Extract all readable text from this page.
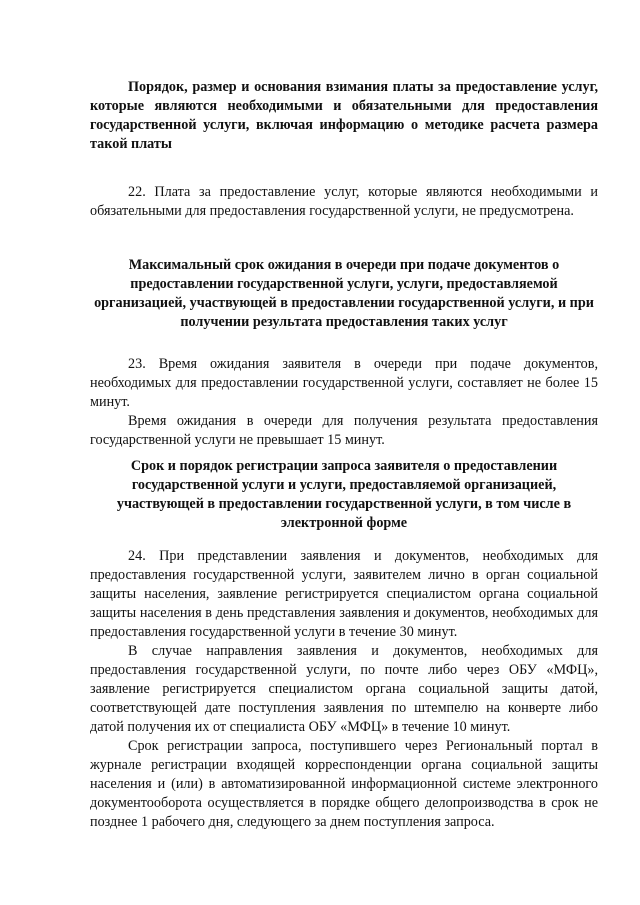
Порядок, размер и основания взимания платы за предоставление услуг, которые являются необходимыми и обязательными для предоставления государственной услуги, включая информацию о методике расчета размера такой платы

22. Плата за предоставление услуг, которые являются необходимыми и обязательными для предоставления государственной услуги, не предусмотрена.

Максимальный срок ожидания в очереди при подаче документов о предоставлении государственной услуги, услуги, предоставляемой организацией, участвующей в предоставлении государственной услуги, и при получении результата предоставления таких услуг

23. Время ожидания заявителя в очереди при подаче документов, необходимых для предоставлении государственной услуги, составляет не более 15 минут.

Время ожидания в очереди для получения результата предоставления государственной услуги не превышает 15 минут.

Срок и порядок регистрации запроса заявителя о предоставлении государственной услуги и услуги, предоставляемой организацией, участвующей в предоставлении государственной услуги, в том числе в электронной форме

24. При представлении заявления и документов, необходимых для предоставления государственной услуги, заявителем лично в орган социальной защиты населения, заявление регистрируется специалистом органа социальной защиты населения в день представления заявления и документов, необходимых для предоставления государственной услуги в течение 30 минут.

В случае направления заявления и документов, необходимых для предоставления государственной услуги, по почте либо через ОБУ «МФЦ», заявление регистрируется специалистом органа социальной защиты датой, соответствующей дате поступления заявления по штемпелю на конверте либо датой получения их от специалиста ОБУ «МФЦ» в течение 10 минут.

Срок регистрации запроса, поступившего через Региональный портал в журнале регистрации входящей корреспонденции органа социальной защиты населения и (или) в автоматизированной информационной системе электронного документооборота осуществляется в порядке общего делопроизводства в срок не позднее 1 рабочего дня, следующего за днем поступления запроса.
